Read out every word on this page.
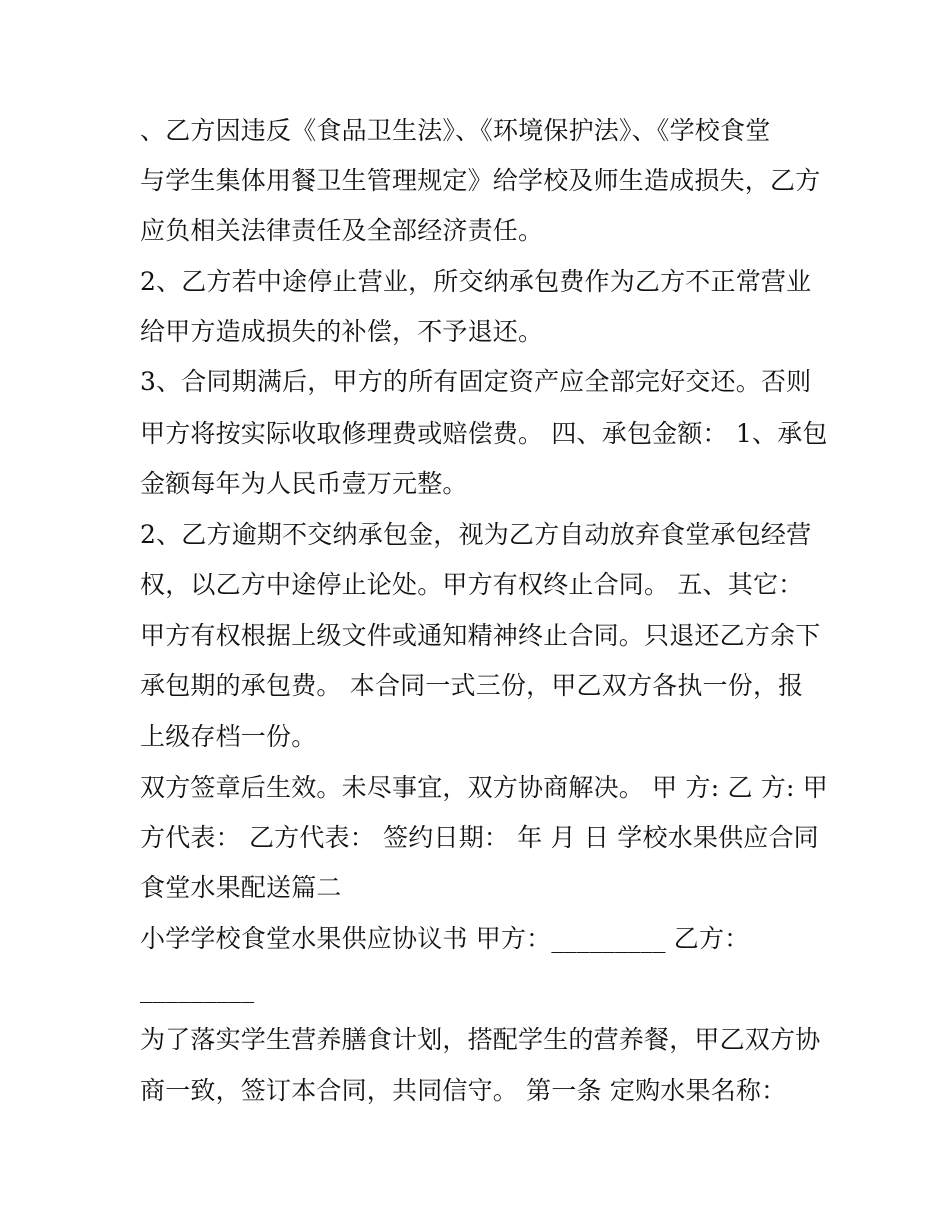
、乙方因违反《食品卫生法》、《环境保护法》、《学校食堂
与学生集体用餐卫生管理规定》给学校及师生造成损失，乙方
应负相关法律责任及全部经济责任。
2、乙方若中途停止营业，所交纳承包费作为乙方不正常营业
给甲方造成损失的补偿，不予退还。
3、合同期满后，甲方的所有固定资产应全部完好交还。否则
甲方将按实际收取修理费或赔偿费。 四、承包金额： 1、承包
金额每年为人民币壹万元整。
2、乙方逾期不交纳承包金，视为乙方自动放弃食堂承包经营
权，以乙方中途停止论处。甲方有权终止合同。 五、其它：
甲方有权根据上级文件或通知精神终止合同。只退还乙方余下
承包期的承包费。 本合同一式三份，甲乙双方各执一份，报
上级存档一份。
双方签章后生效。未尽事宜，双方协商解决。 甲 方: 乙 方: 甲
方代表： 乙方代表： 签约日期： 年 月 日 学校水果供应合同
食堂水果配送篇二
小学学校食堂水果供应协议书 甲方：_________ 乙方：
_________
为了落实学生营养膳食计划，搭配学生的营养餐，甲乙双方协
商一致，签订本合同，共同信守。 第一条 定购水果名称：
